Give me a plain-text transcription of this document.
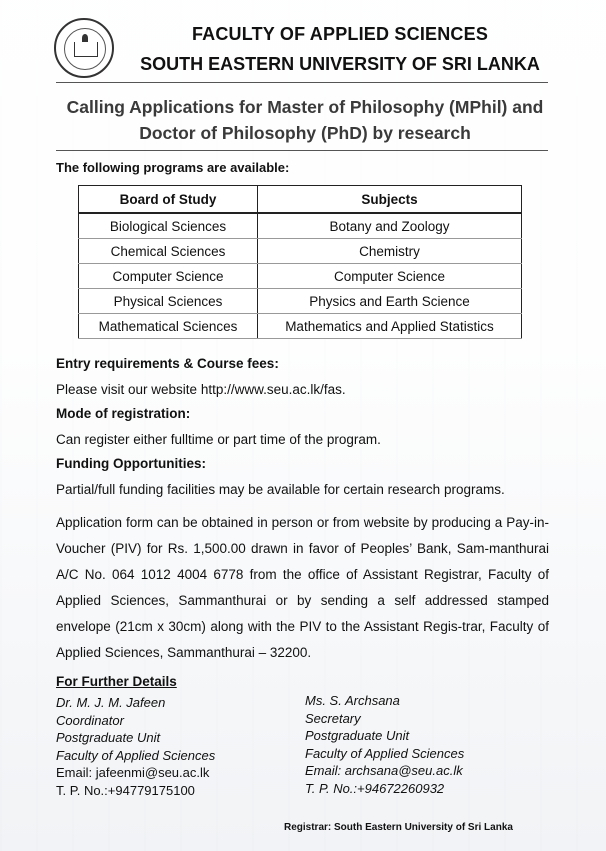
FACULTY OF APPLIED SCIENCES
SOUTH EASTERN UNIVERSITY OF SRI LANKA
Calling Applications for Master of Philosophy (MPhil) and
Doctor of Philosophy (PhD) by research
The following programs are available:
Board of Study	Subjects
Biological Sciences	Botany and Zoology
Chemical Sciences	Chemistry
Computer Science	Computer Science
Physical Sciences	Physics and Earth Science
Mathematical Sciences	Mathematics and Applied Statistics
Entry requirements & Course fees:
Please visit our website http://www.seu.ac.lk/fas.
Mode of registration:
Can register either fulltime or part time of the program.
Funding Opportunities:
Partial/full funding facilities may be available for certain research programs.
Application form can be obtained in person or from website by producing a Pay-in-Voucher (PIV) for Rs. 1,500.00 drawn in favor of Peoples’ Bank, Sam-manthurai A/C No. 064 1012 4004 6778 from the office of Assistant Registrar, Faculty of Applied Sciences, Sammanthurai or by sending a self addressed stamped envelope (21cm x 30cm) along with the PIV to the Assistant Regis-trar, Faculty of Applied Sciences, Sammanthurai – 32200.
For Further Details
Dr. M. J. M. Jafeen
Coordinator
Postgraduate Unit
Faculty of Applied Sciences
Email: jafeenmi@seu.ac.lk
T. P. No.:+94779175100
Ms. S. Archsana
Secretary
Postgraduate Unit
Faculty of Applied Sciences
Email: archsana@seu.ac.lk
T. P. No.:+94672260932
Registrar: South Eastern University of Sri Lanka
